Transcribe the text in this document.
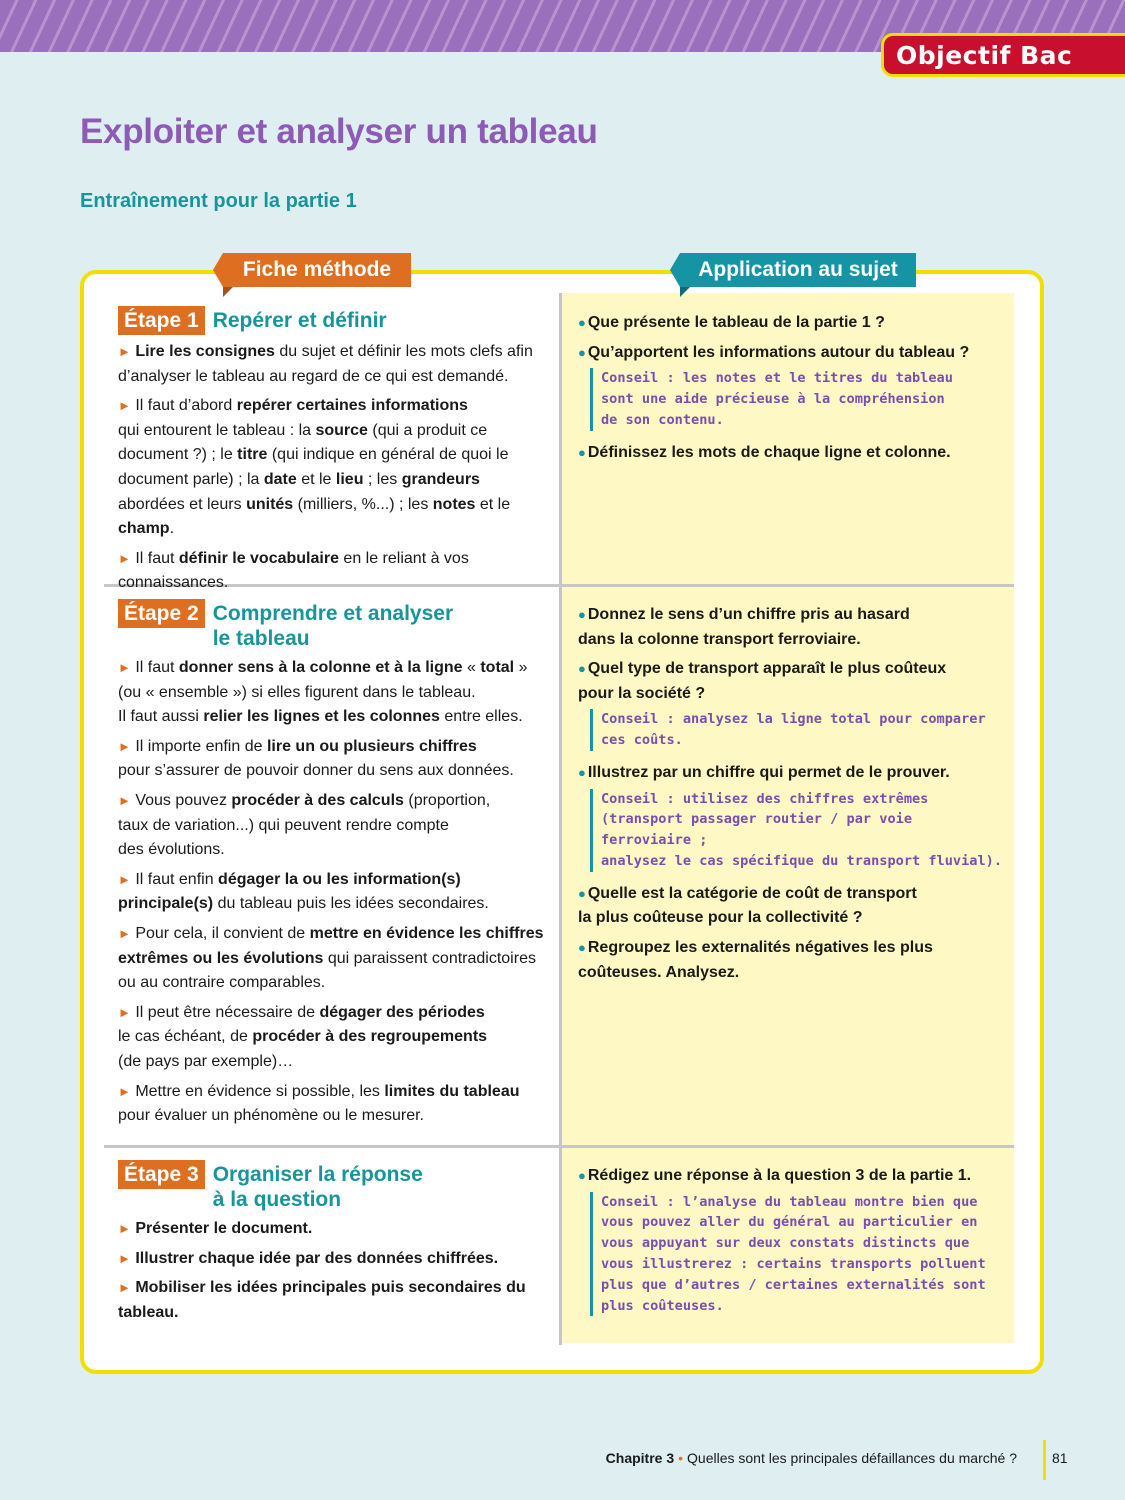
Objectif Bac
Exploiter et analyser un tableau
Entraînement pour la partie 1
Fiche méthode	Application au sujet
Étape 1 Repérer et définir

► Lire les consignes du sujet et définir les mots clefs afin d’analyser le tableau au regard de ce qui est demandé.

► Il faut d’abord repérer certaines informations
qui entourent le tableau : la source (qui a produit ce document ?) ; le titre (qui indique en général de quoi le document parle) ; la date et le lieu ; les grandeurs abordées et leurs unités (milliers, %...) ; les notes et le champ.

► Il faut définir le vocabulaire en le reliant à vos connaissances.

Étape 2 Comprendre et analyser
le tableau

► Il faut donner sens à la colonne et à la ligne « total » (ou « ensemble ») si elles figurent dans le tableau.
Il faut aussi relier les lignes et les colonnes entre elles.

► Il importe enfin de lire un ou plusieurs chiffres
pour s’assurer de pouvoir donner du sens aux données.

► Vous pouvez procéder à des calculs (proportion,
taux de variation...) qui peuvent rendre compte
des évolutions.

► Il faut enfin dégager la ou les information(s) principale(s) du tableau puis les idées secondaires.

► Pour cela, il convient de mettre en évidence les chiffres extrêmes ou les évolutions qui paraissent contradictoires ou au contraire comparables.

► Il peut être nécessaire de dégager des périodes
le cas échéant, de procéder à des regroupements
(de pays par exemple)…

► Mettre en évidence si possible, les limites du tableau pour évaluer un phénomène ou le mesurer.

Étape 3 Organiser la réponse
à la question

► Présenter le document.

► Illustrer chaque idée par des données chiffrées.

► Mobiliser les idées principales puis secondaires du tableau.

● Que présente le tableau de la partie 1 ?
● Qu’apportent les informations autour du tableau ?
Conseil : les notes et le titres du tableau
sont une aide précieuse à la compréhension
de son contenu.
● Définissez les mots de chaque ligne et colonne.
● Donnez le sens d’un chiffre pris au hasard
dans la colonne transport ferroviaire.
● Quel type de transport apparaît le plus coûteux
pour la société ?
Conseil : analysez la ligne total pour comparer
ces coûts.
● Illustrez par un chiffre qui permet de le prouver.
Conseil : utilisez des chiffres extrêmes
(transport passager routier / par voie ferroviaire ;
analysez le cas spécifique du transport fluvial).
● Quelle est la catégorie de coût de transport
la plus coûteuse pour la collectivité ?
● Regroupez les externalités négatives les plus
coûteuses. Analysez.
● Rédigez une réponse à la question 3 de la partie 1.
Conseil : l’analyse du tableau montre bien que
vous pouvez aller du général au particulier en
vous appuyant sur deux constats distincts que
vous illustrerez : certains transports polluent
plus que d’autres / certaines externalités sont
plus coûteuses.
Chapitre 3 • Quelles sont les principales défaillances du marché ?	81
